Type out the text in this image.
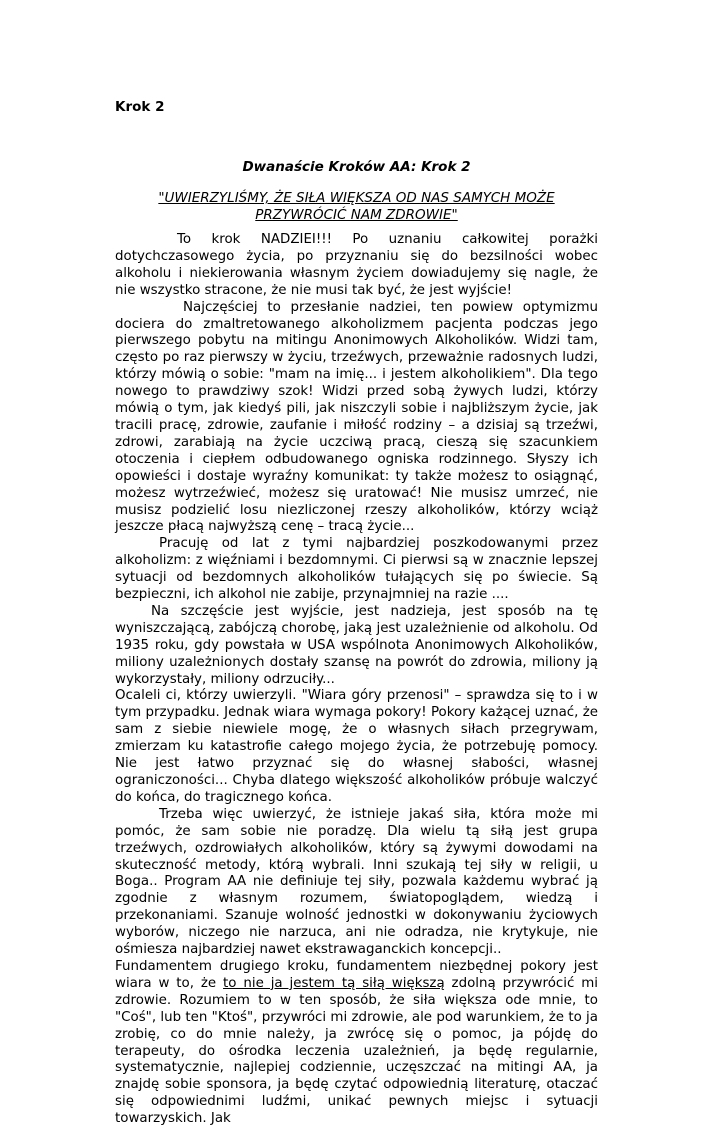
Krok 2
Dwanaście Kroków AA: Krok 2

"UWIERZYLIŚMY, ŻE SIŁA WIĘKSZA OD NAS SAMYCH MOŻE PRZYWRÓCIĆ NAM ZDROWIE"

To krok NADZIEI!!! Po uznaniu całkowitej porażki dotychczasowego życia, po przyznaniu się do bezsilności wobec alkoholu i niekierowania własnym życiem dowiadujemy się nagle, że nie wszystko stracone, że nie musi tak być, że jest wyjście!

Najczęściej to przesłanie nadziei, ten powiew optymizmu dociera do zmaltretowanego alkoholizmem pacjenta podczas jego pierwszego pobytu na mitingu Anonimowych Alkoholików. Widzi tam, często po raz pierwszy w życiu, trzeźwych, przeważnie radosnych ludzi, którzy mówią o sobie: "mam na imię... i jestem alkoholikiem". Dla tego nowego to prawdziwy szok! Widzi przed sobą żywych ludzi, którzy mówią o tym, jak kiedyś pili, jak niszczyli sobie i najbliższym życie, jak tracili pracę, zdrowie, zaufanie i miłość rodziny – a dzisiaj są trzeźwi, zdrowi, zarabiają na życie uczciwą pracą, cieszą się szacunkiem otoczenia i ciepłem odbudowanego ogniska rodzinnego. Słyszy ich opowieści i dostaje wyraźny komunikat: ty także możesz to osiągnąć, możesz wytrzeźwieć, możesz się uratować! Nie musisz umrzeć, nie musisz podzielić losu niezliczonej rzeszy alkoholików, którzy wciąż jeszcze płacą najwyższą cenę – tracą życie...

Pracuję od lat z tymi najbardziej poszkodowanymi przez alkoholizm: z więźniami i bezdomnymi. Ci pierwsi są w znacznie lepszej sytuacji od bezdomnych alkoholików tułających się po świecie. Są bezpieczni, ich alkohol nie zabije, przynajmniej na razie ....

Na szczęście jest wyjście, jest nadzieja, jest sposób na tę wyniszczającą, zabójczą chorobę, jaką jest uzależnienie od alkoholu. Od 1935 roku, gdy powstała w USA wspólnota Anonimowych Alkoholików, miliony uzależnionych dostały szansę na powrót do zdrowia, miliony ją wykorzystały, miliony odrzuciły...

Ocaleli ci, którzy uwierzyli. "Wiara góry przenosi" – sprawdza się to i w tym przypadku. Jednak wiara wymaga pokory! Pokory każącej uznać, że sam z siebie niewiele mogę, że o własnych siłach przegrywam, zmierzam ku katastrofie całego mojego życia, że potrzebuję pomocy. Nie jest łatwo przyznać się do własnej słabości, własnej ograniczoności... Chyba dlatego większość alkoholików próbuje walczyć do końca, do tragicznego końca.

Trzeba więc uwierzyć, że istnieje jakaś siła, która może mi pomóc, że sam sobie nie poradzę. Dla wielu tą siłą jest grupa trzeźwych, ozdrowiałych alkoholików, który są żywymi dowodami na skuteczność metody, którą wybrali. Inni szukają tej siły w religii, u Boga.. Program AA nie definiuje tej siły, pozwala każdemu wybrać ją zgodnie z własnym rozumem, światopoglądem, wiedzą i przekonaniami. Szanuje wolność jednostki w dokonywaniu życiowych wyborów, niczego nie narzuca, ani nie odradza, nie krytykuje, nie ośmiesza najbardziej nawet ekstrawaganckich koncepcji..

Fundamentem drugiego kroku, fundamentem niezbędnej pokory jest wiara w to, że to nie ja jestem tą siłą większą zdolną przywrócić mi zdrowie. Rozumiem to w ten sposób, że siła większa ode mnie, to "Coś", lub ten "Ktoś", przywróci mi zdrowie, ale pod warunkiem, że to ja zrobię, co do mnie należy, ja zwrócę się o pomoc, ja pójdę do terapeuty, do ośrodka leczenia uzależnień, ja będę regularnie, systematycznie, najlepiej codziennie, uczęszczać na mitingi AA, ja znajdę sobie sponsora, ja będę czytać odpowiednią literaturę, otaczać się odpowiednimi ludźmi, unikać pewnych miejsc i sytuacji towarzyskich. Jak
